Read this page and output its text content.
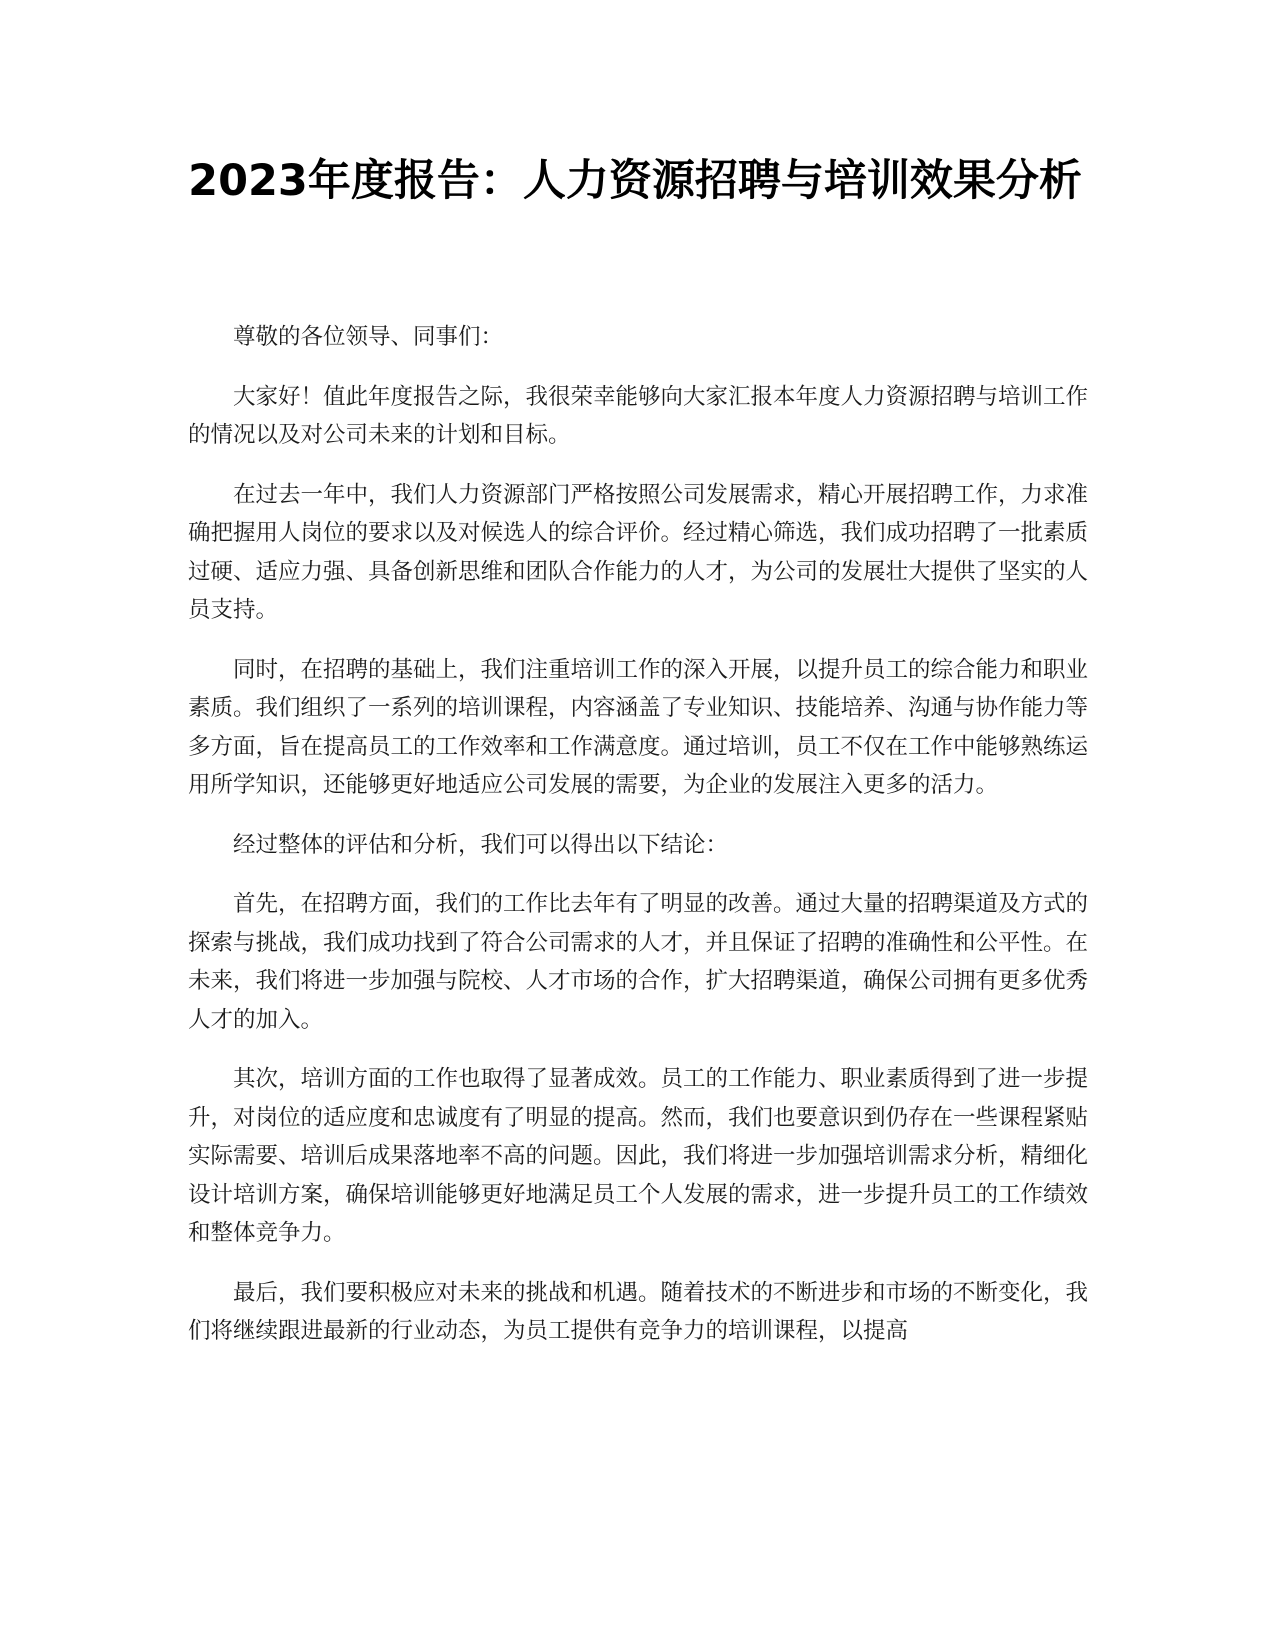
2023年度报告：人力资源招聘与培训效果分析

尊敬的各位领导、同事们：

大家好！值此年度报告之际，我很荣幸能够向大家汇报本年度人力资源招聘与培训工作的情况以及对公司未来的计划和目标。

在过去一年中，我们人力资源部门严格按照公司发展需求，精心开展招聘工作，力求准确把握用人岗位的要求以及对候选人的综合评价。经过精心筛选，我们成功招聘了一批素质过硬、适应力强、具备创新思维和团队合作能力的人才，为公司的发展壮大提供了坚实的人员支持。

同时，在招聘的基础上，我们注重培训工作的深入开展，以提升员工的综合能力和职业素质。我们组织了一系列的培训课程，内容涵盖了专业知识、技能培养、沟通与协作能力等多方面，旨在提高员工的工作效率和工作满意度。通过培训，员工不仅在工作中能够熟练运用所学知识，还能够更好地适应公司发展的需要，为企业的发展注入更多的活力。

经过整体的评估和分析，我们可以得出以下结论：

首先，在招聘方面，我们的工作比去年有了明显的改善。通过大量的招聘渠道及方式的探索与挑战，我们成功找到了符合公司需求的人才，并且保证了招聘的准确性和公平性。在未来，我们将进一步加强与院校、人才市场的合作，扩大招聘渠道，确保公司拥有更多优秀人才的加入。

其次，培训方面的工作也取得了显著成效。员工的工作能力、职业素质得到了进一步提升，对岗位的适应度和忠诚度有了明显的提高。然而，我们也要意识到仍存在一些课程紧贴实际需要、培训后成果落地率不高的问题。因此，我们将进一步加强培训需求分析，精细化设计培训方案，确保培训能够更好地满足员工个人发展的需求，进一步提升员工的工作绩效和整体竞争力。

最后，我们要积极应对未来的挑战和机遇。随着技术的不断进步和市场的不断变化，我们将继续跟进最新的行业动态，为员工提供有竞争力的培训课程，以提高
